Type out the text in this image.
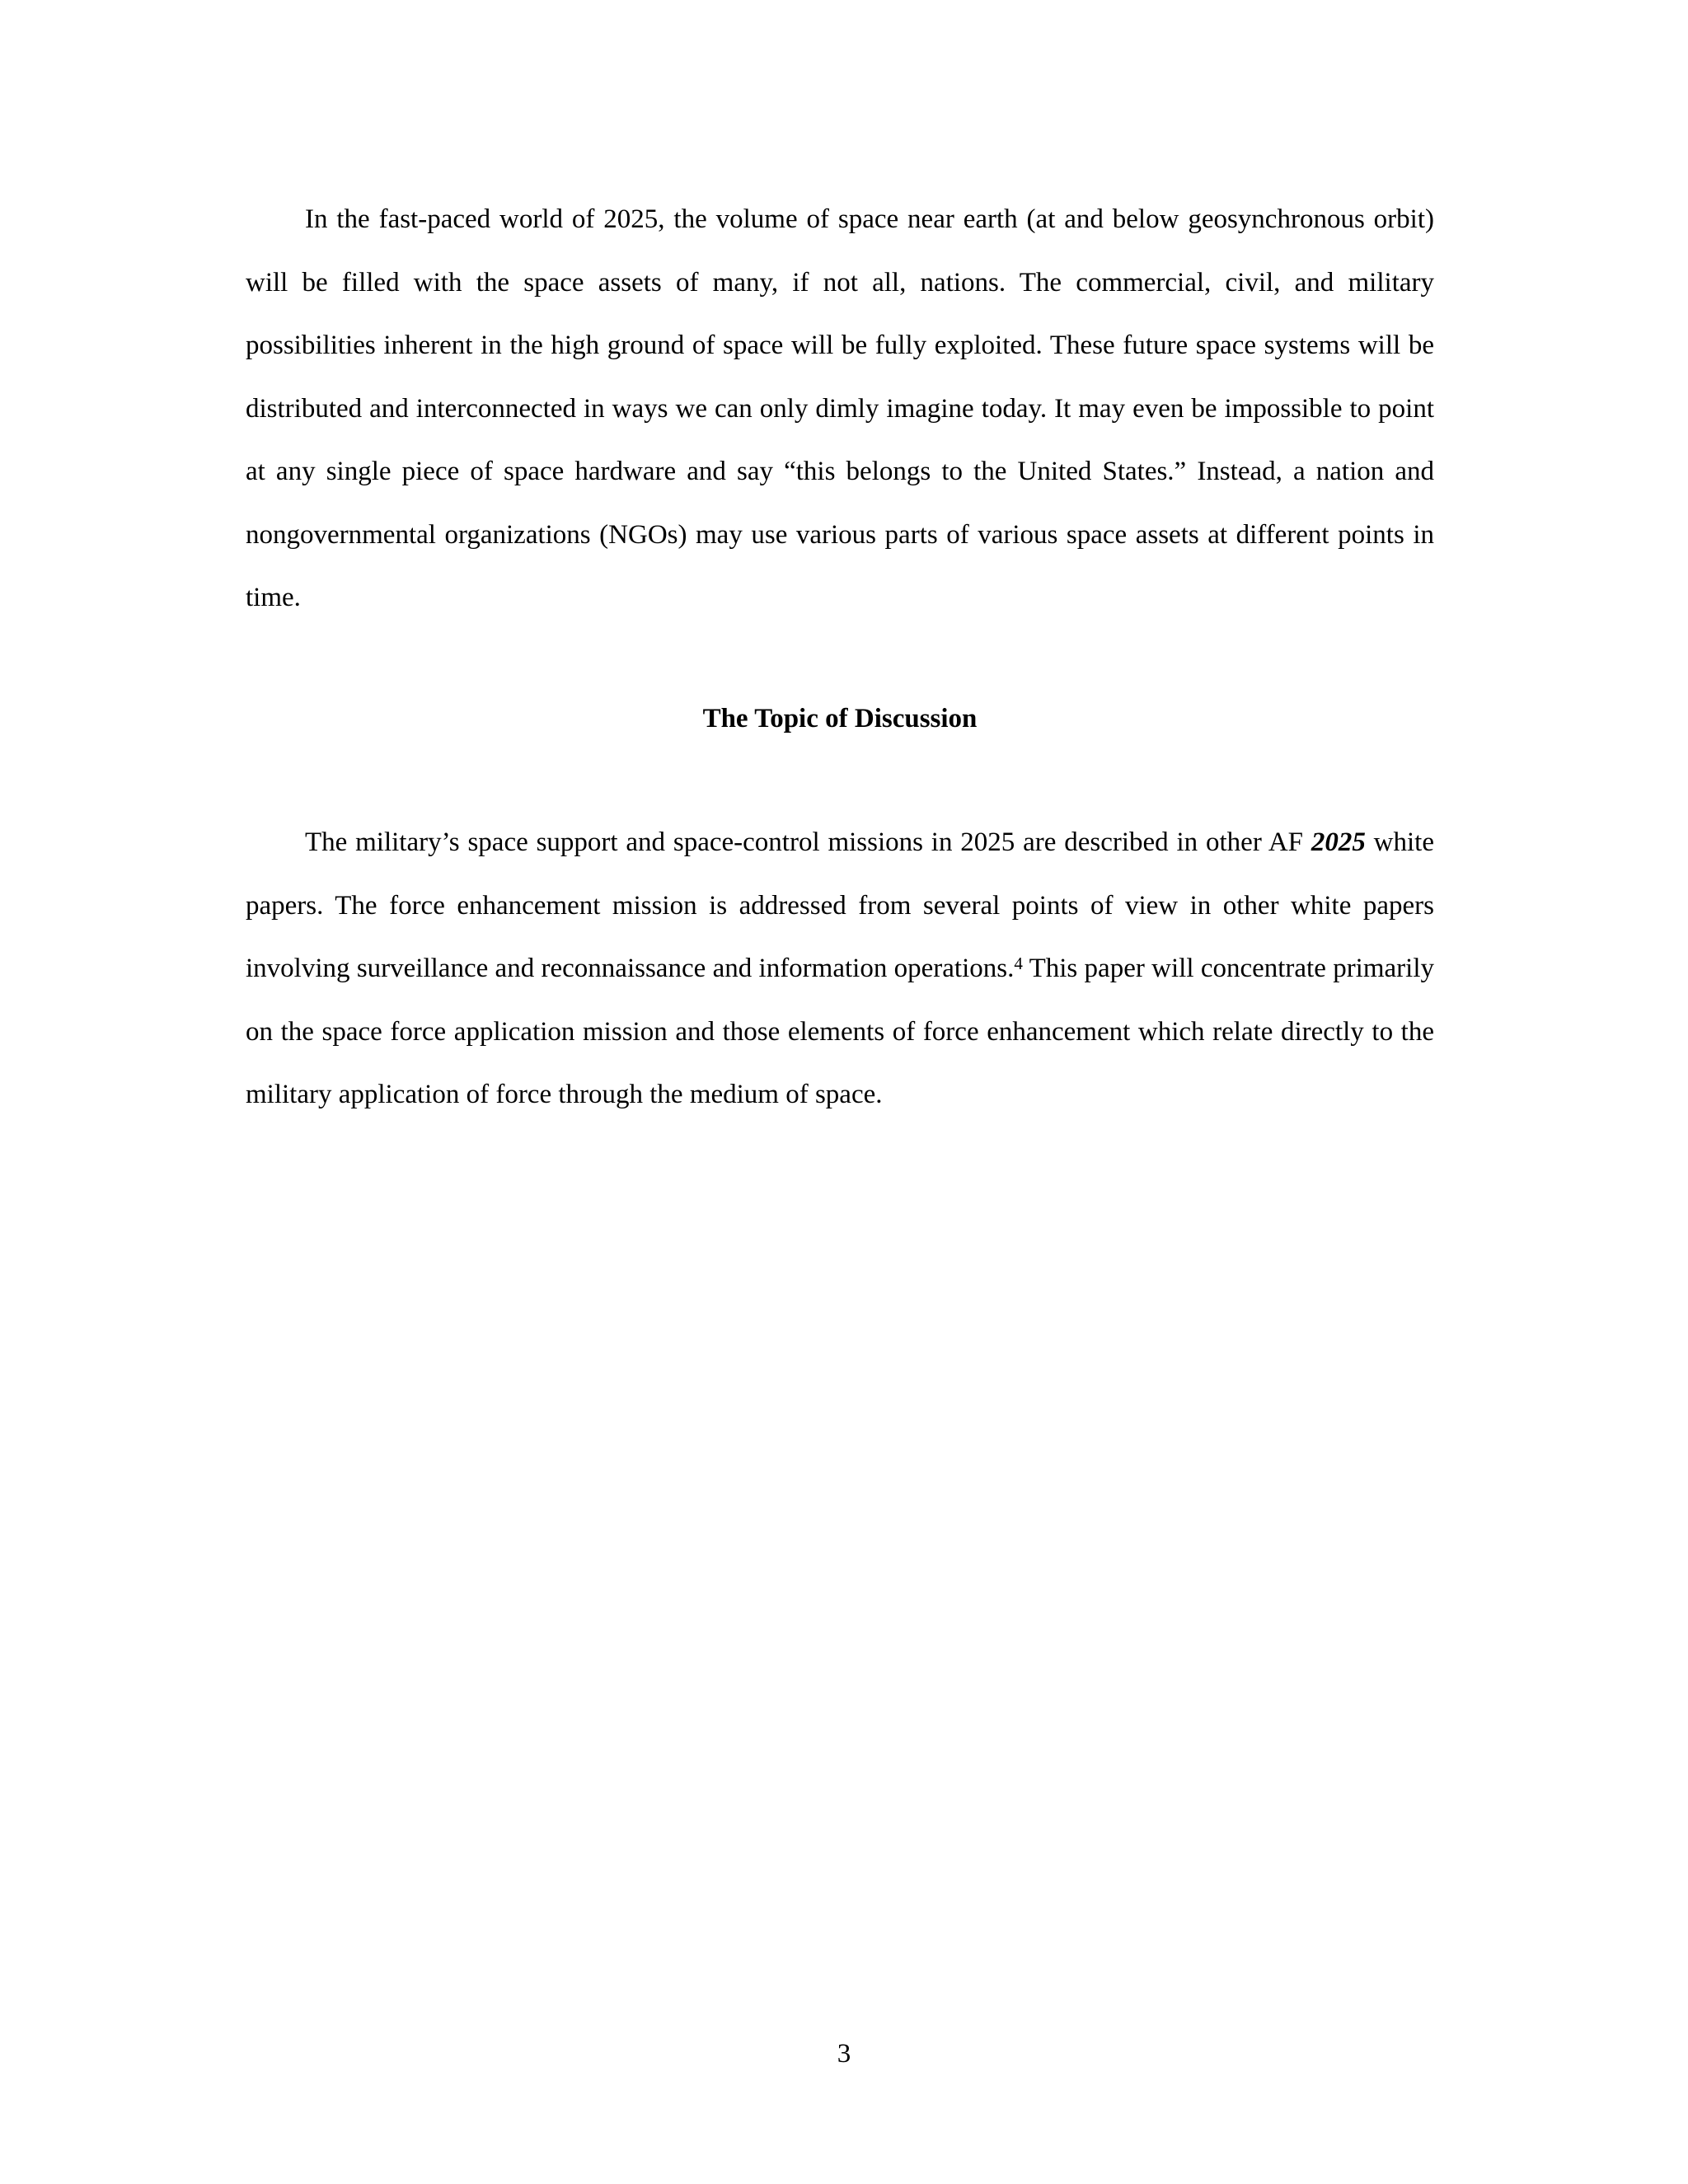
In the fast-paced world of 2025, the volume of space near earth (at and below geosynchronous orbit) will be filled with the space assets of many, if not all, nations. The commercial, civil, and military possibilities inherent in the high ground of space will be fully exploited. These future space systems will be distributed and interconnected in ways we can only dimly imagine today. It may even be impossible to point at any single piece of space hardware and say “this belongs to the United States.” Instead, a nation and nongovernmental organizations (NGOs) may use various parts of various space assets at different points in time.

The Topic of Discussion

The military’s space support and space-control missions in 2025 are described in other AF 2025 white papers. The force enhancement mission is addressed from several points of view in other white papers involving surveillance and reconnaissance and information operations.$^4$ This paper will concentrate primarily on the space force application mission and those elements of force enhancement which relate directly to the military application of force through the medium of space.

3
